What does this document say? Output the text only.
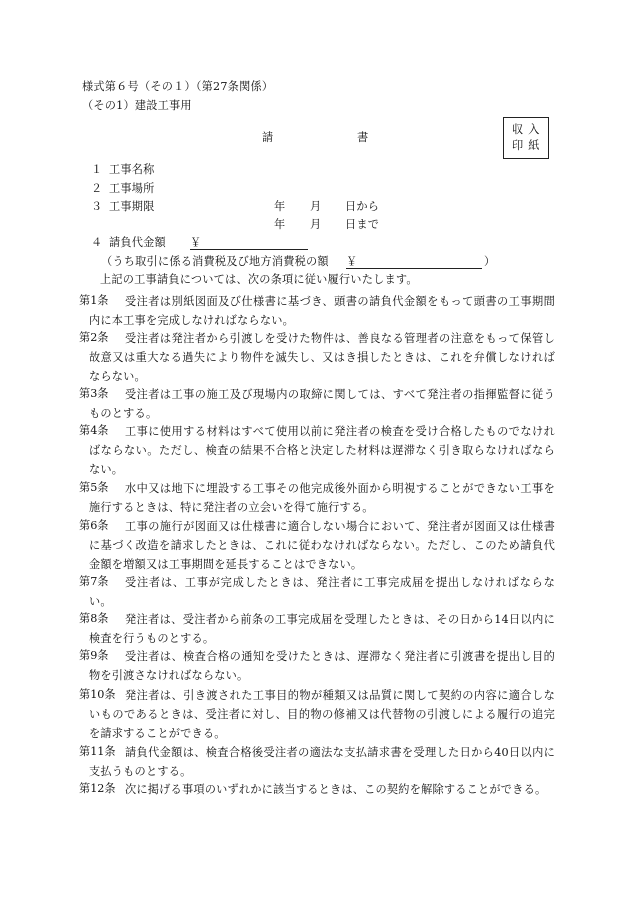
様式第６号（その１）（第27条関係）
（その1）建設工事用
請	書
収入
印紙
１ 工事名称
２ 工事場所
３ 工事期限	年 月 日から
年 月 日まで
４ 請負代金額 ￥
（うち取引に係る消費税及び地方消費税の額 ￥	）
上記の工事請負については、次の条項に従い履行いたします。
第1条	受注者は別紙図面及び仕様書に基づき、頭書の請負代金額をもって頭書の工事期間内に本工事を完成しなければならない。
第2条	受注者は発注者から引渡しを受けた物件は、善良なる管理者の注意をもって保管し故意又は重大なる過失により物件を滅失し、又はき損したときは、これを弁償しなければならない。
第3条	受注者は工事の施工及び現場内の取締に関しては、すべて発注者の指揮監督に従うものとする。
第4条	工事に使用する材料はすべて使用以前に発注者の検査を受け合格したものでなければならない。ただし、検査の結果不合格と決定した材料は遅滞なく引き取らなければならない。
第5条	水中又は地下に埋設する工事その他完成後外面から明視することができない工事を施行するときは、特に発注者の立会いを得て施行する。
第6条	工事の施行が図面又は仕様書に適合しない場合において、発注者が図面又は仕様書に基づく改造を請求したときは、これに従わなければならない。ただし、このため請負代金額を増額又は工事期間を延長することはできない。
第7条	受注者は、工事が完成したときは、発注者に工事完成届を提出しなければならない。
第8条	発注者は、受注者から前条の工事完成届を受理したときは、その日から14日以内に検査を行うものとする。
第9条	受注者は、検査合格の通知を受けたときは、遅滞なく発注者に引渡書を提出し目的物を引渡さなければならない。
第10条 発注者は、引き渡された工事目的物が種類又は品質に関して契約の内容に適合しないものであるときは、受注者に対し、目的物の修補又は代替物の引渡しによる履行の追完を請求することができる。
第11条 請負代金額は、検査合格後受注者の適法な支払請求書を受理した日から40日以内に支払うものとする。
第12条 次に掲げる事項のいずれかに該当するときは、この契約を解除することができる。
